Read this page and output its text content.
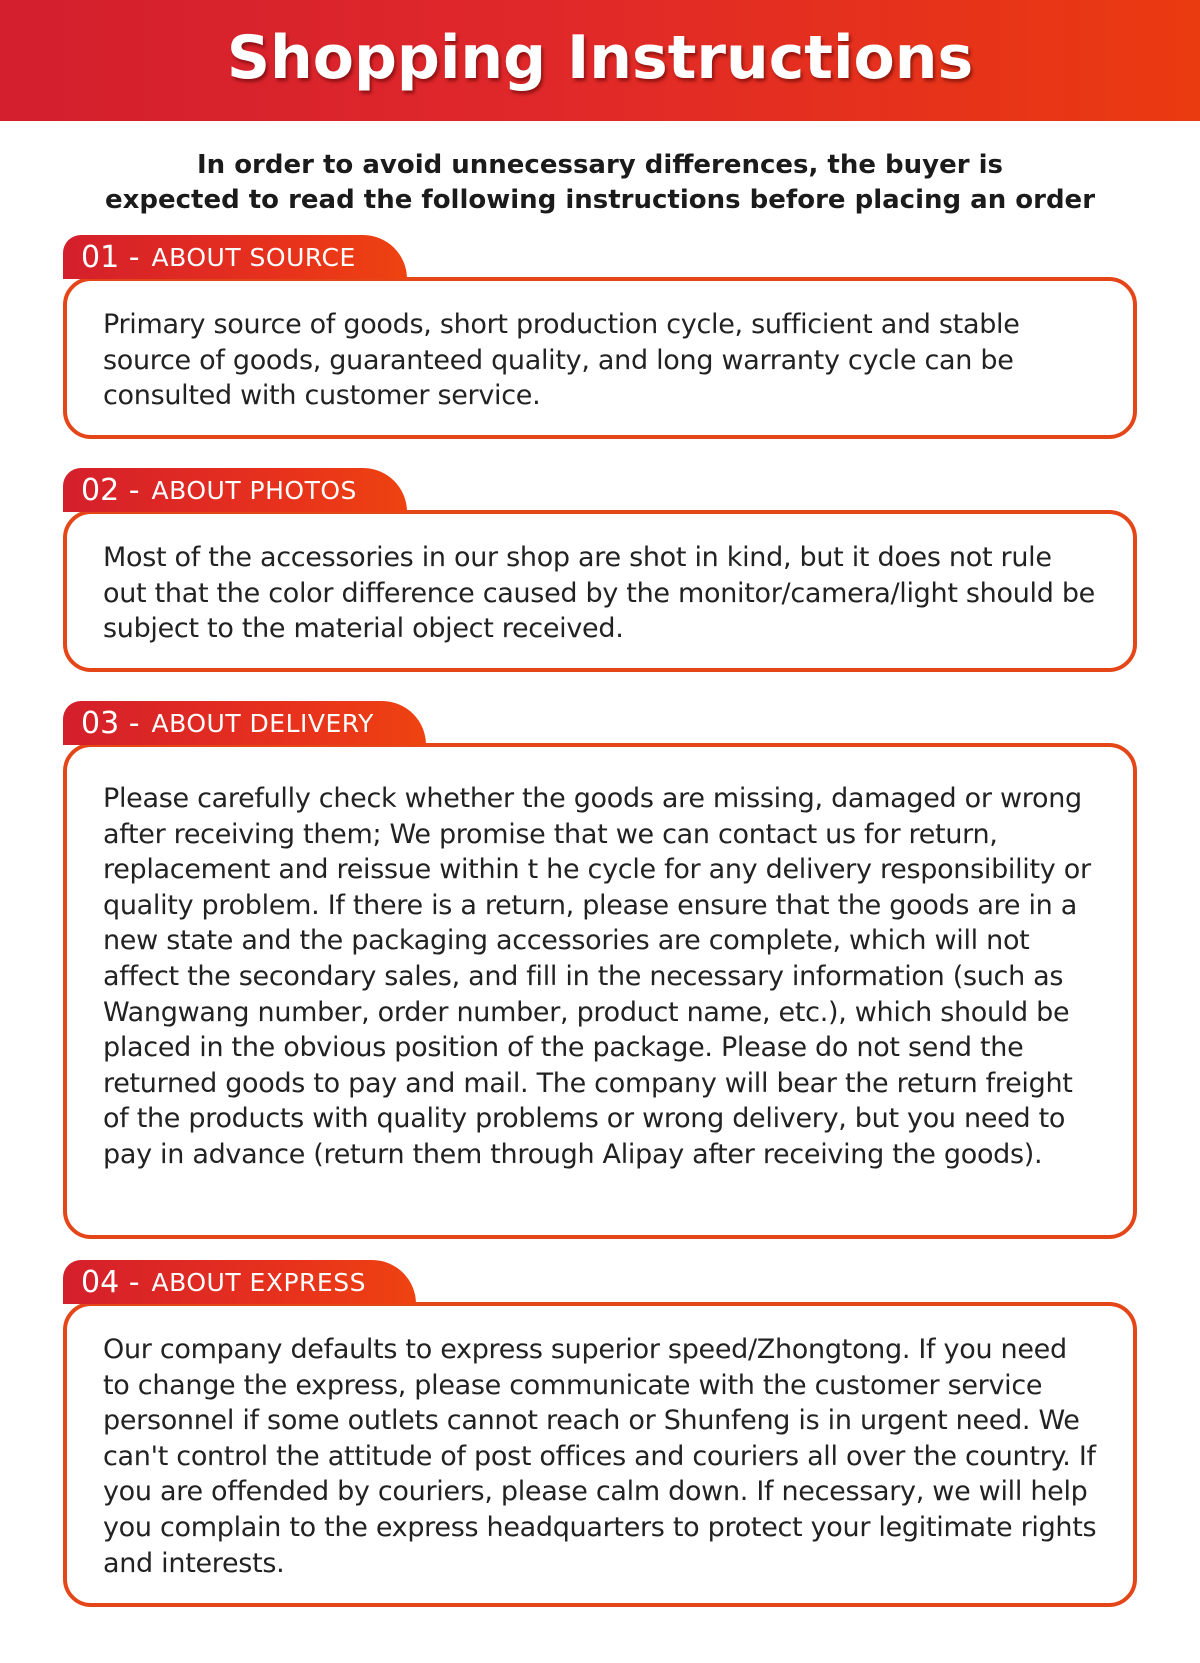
Shopping Instructions
In order to avoid unnecessary differences, the buyer is
expected to read the following instructions before placing an order

Primary source of goods, short production cycle, sufficient and stable source of goods, guaranteed quality, and long warranty cycle can be consulted with customer service.

01 - ABOUT SOURCE

Most of the accessories in our shop are shot in kind, but it does not rule out that the color difference caused by the monitor/camera/light should be subject to the material object received.

02 - ABOUT PHOTOS

Please carefully check whether the goods are missing, damaged or wrong after receiving them; We promise that we can contact us for return, replacement and reissue within t he cycle for any delivery responsibility or quality problem. If there is a return, please ensure that the goods are in a new state and the packaging accessories are complete, which will not affect the secondary sales, and fill in the necessary information (such as Wangwang number, order number, product name, etc.), which should be placed in the obvious position of the package. Please do not send the returned goods to pay and mail. The company will bear the return freight of the products with quality problems or wrong delivery, but you need to pay in advance (return them through Alipay after receiving the goods).

03 - ABOUT DELIVERY

Our company defaults to express superior speed/Zhongtong. If you need to change the express, please communicate with the customer service personnel if some outlets cannot reach or Shunfeng is in urgent need. We can't control the attitude of post offices and couriers all over the country. If you are offended by couriers, please calm down. If necessary, we will help you complain to the express headquarters to protect your legitimate rights and interests.

04 - ABOUT EXPRESS
